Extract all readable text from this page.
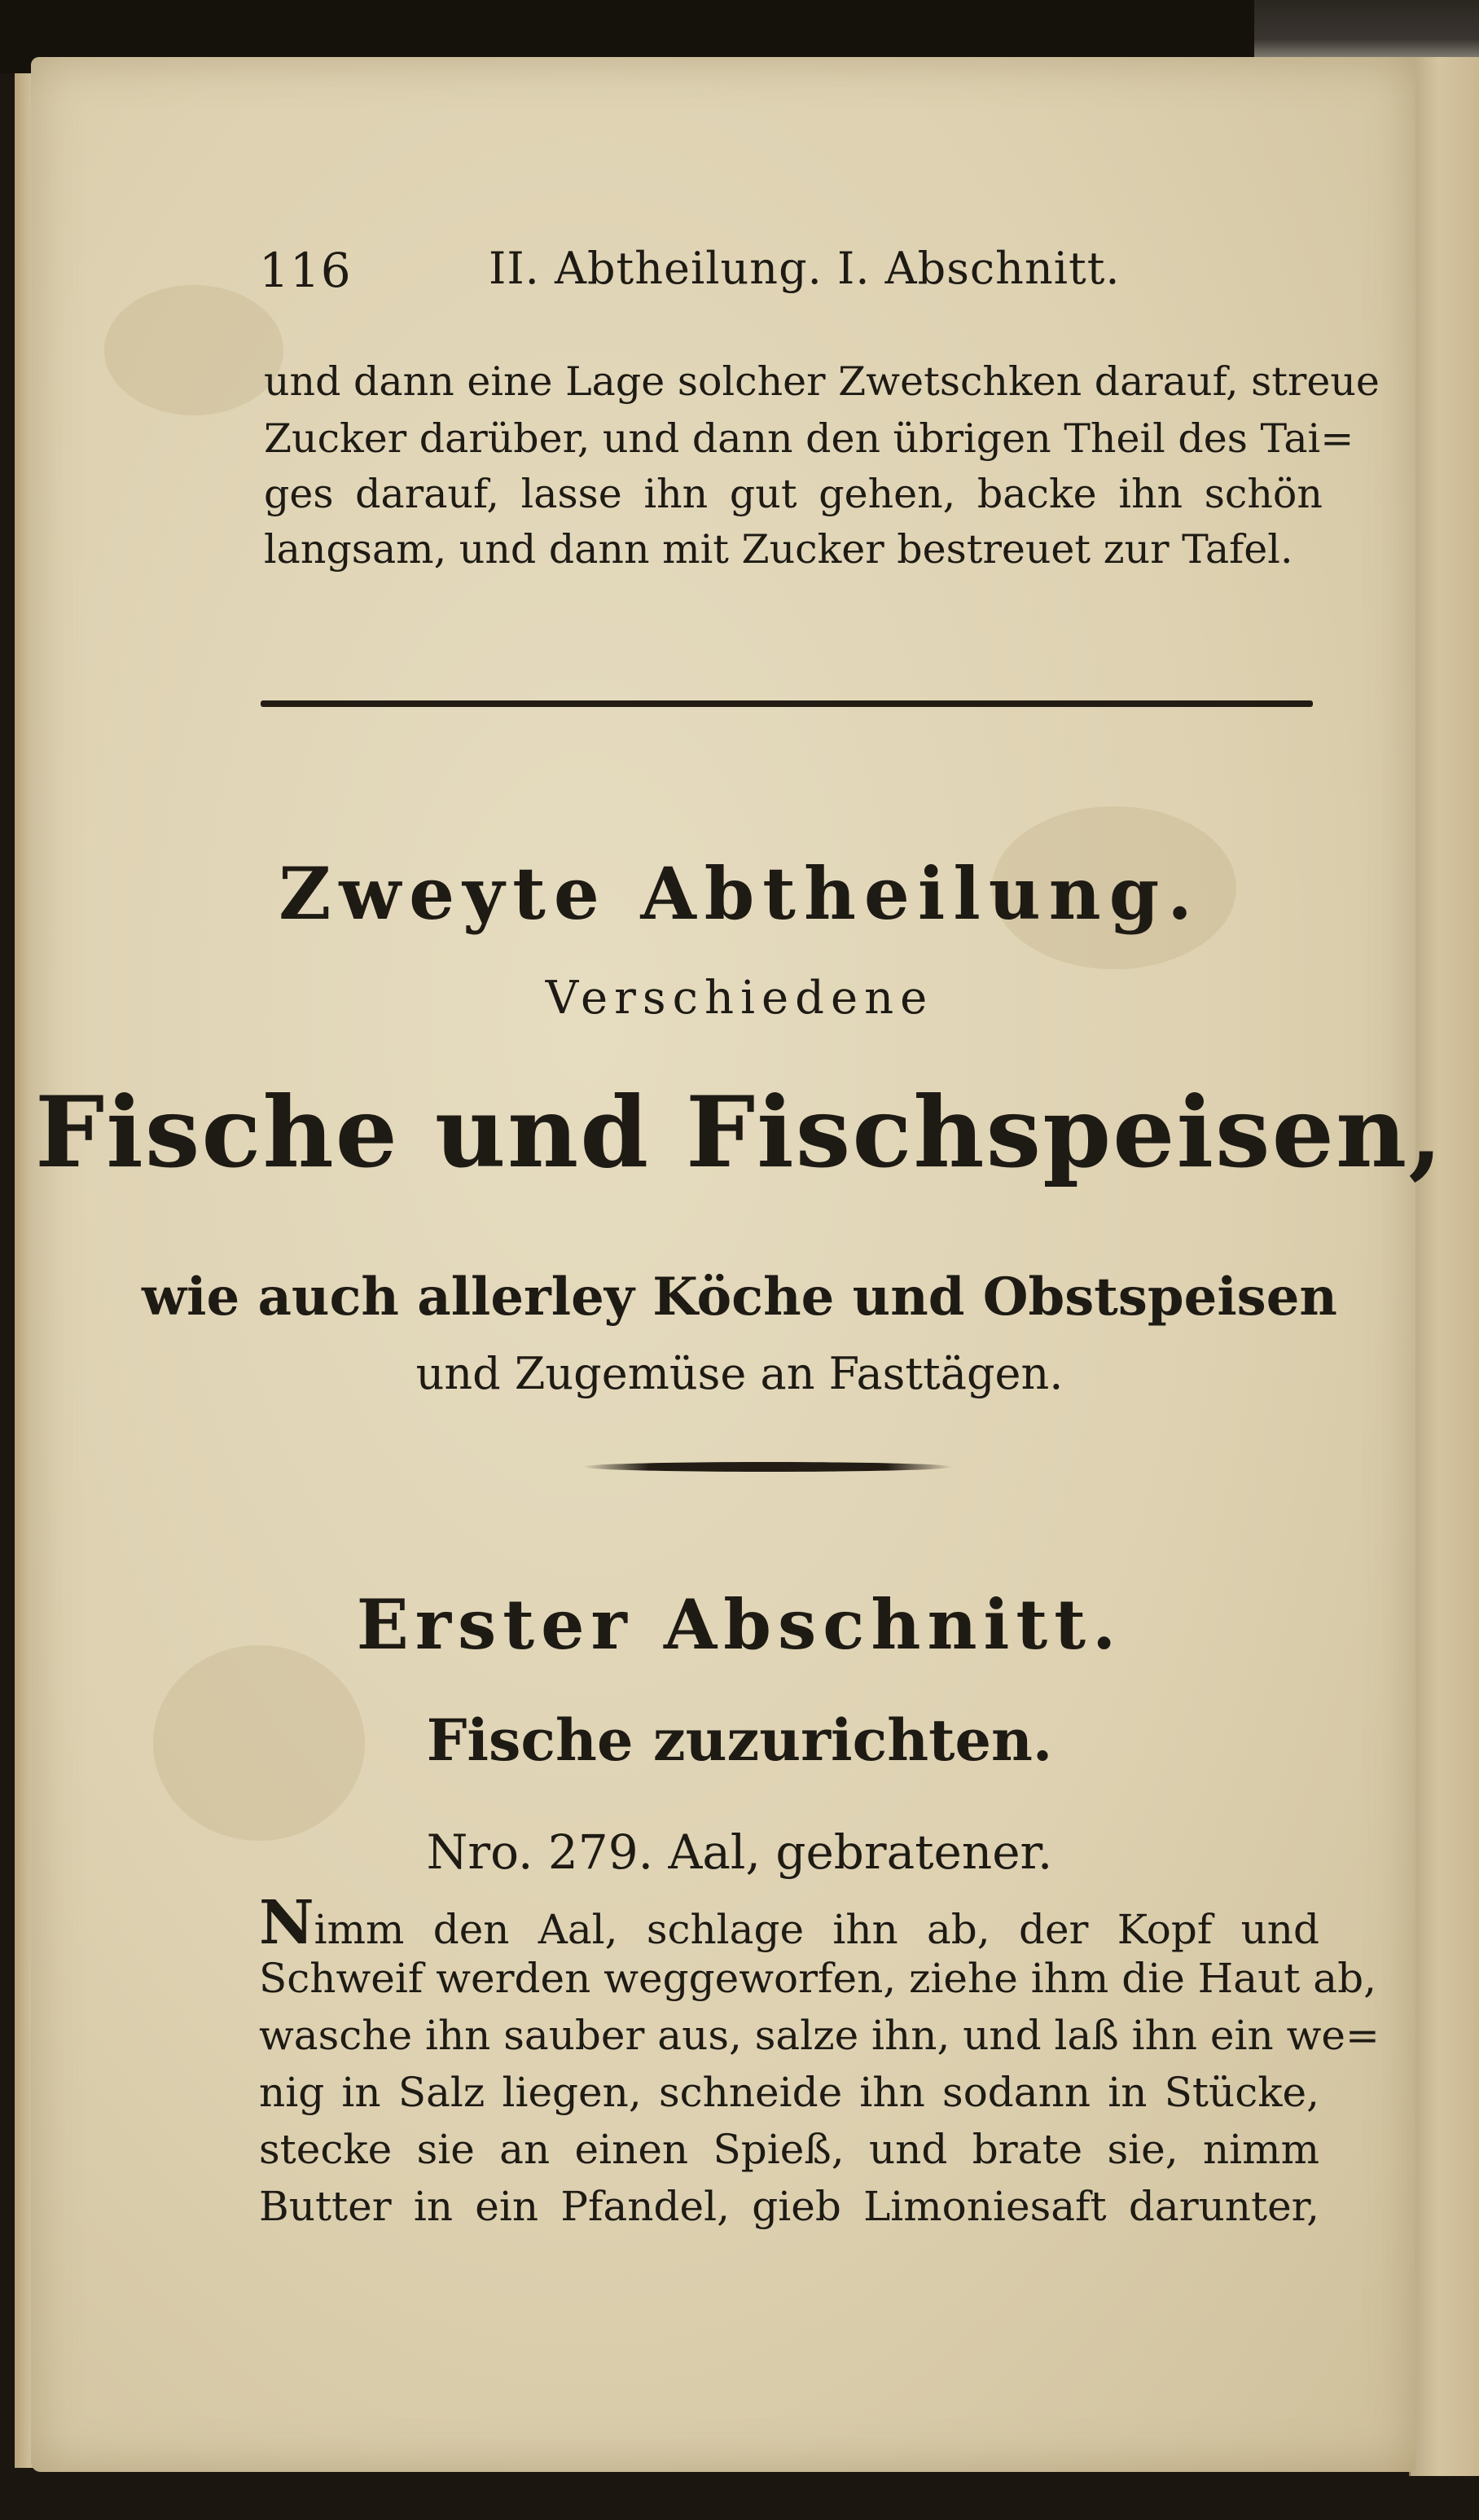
116	II. Abtheilung. I. Abschnitt.
und dann eine Lage solcher Zwetschken darauf, streue
Zucker darüber, und dann den übrigen Theil des Tai=
ges darauf, lasse ihn gut gehen, backe ihn schön
langsam, und dann mit Zucker bestreuet zur Tafel.
Zweyte Abtheilung.
Verschiedene
Fische und Fischspeisen,
wie auch allerley Köche und Obstspeisen
und Zugemüse an Fasttägen.
Erster Abschnitt.
Fische zuzurichten.
Nro. 279. Aal, gebratener.
Nimm den Aal, schlage ihn ab, der Kopf und
Schweif werden weggeworfen, ziehe ihm die Haut ab,
wasche ihn sauber aus, salze ihn, und laß ihn ein we=
nig in Salz liegen, schneide ihn sodann in Stücke,
stecke sie an einen Spieß, und brate sie, nimm
Butter in ein Pfandel, gieb Limoniesaft darunter,
